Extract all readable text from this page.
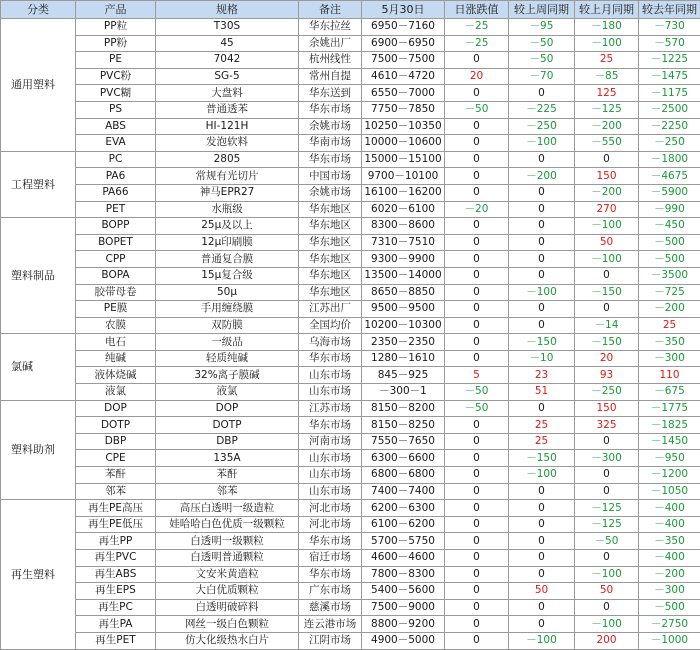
分类	产品	规格	备注	5月30日	日涨跌值	较上周同期	较上月同期	较去年同期
通用塑料	PP粒	T30S	华东拉丝	6950－7160	－25	－95	－180	－730
	PP粉	45	余姚出厂	6900－6950	－25	－50	－100	－570
	PE	7042	杭州线性	7500－7500	0	－50	25	－1225
	PVC粉	SG-5	常州自提	4610－4720	20	－70	－85	－1475
	PVC糊	大盘料	华东送到	6550－7000	0	0	125	－1175
	PS	普通透苯	华东市场	7750－7850	－50	－225	－125	－2500
	ABS	HI-121H	余姚市场	10250－10350	0	－250	－200	－2250
	EVA	发泡软料	华南市场	10000－10600	0	－100	－550	－250
工程塑料	PC	2805	华东市场	15000－15100	0	0	0	－1800
	PA6	常规有光切片	中国市场	9700－10100	0	－200	150	－4675
	PA66	神马EPR27	余姚市场	16100－16200	0	0	－200	－5900
	PET	水瓶级	华东地区	6020－6100	－20	0	270	－990
塑料制品	BOPP	25μ及以上	华东地区	8300－8600	0	0	－100	－450
	BOPET	12μ印刷膜	华东地区	7310－7510	0	0	50	－500
	CPP	普通复合膜	华东地区	9300－9900	0	0	－100	－500
	BOPA	15μ复合级	华东地区	13500－14000	0	0	0	－3500
	胶带母卷	50μ	华东地区	8650－8850	0	－100	－150	－725
	PE膜	手用缠绕膜	江苏出厂	9500－9500	0	0	0	－200
	农膜	双防膜	全国均价	10200－10300	0	0	－14	25
氯碱	电石	一级品	乌海市场	2350－2350	0	－150	－150	－350
	纯碱	轻质纯碱	华东市场	1280－1610	0	－10	20	－300
	液体烧碱	32%离子膜碱	山东市场	845－925	5	23	93	110
	液氯	液氯	山东市场	－300－1	－50	51	－250	－675
塑料助剂	DOP	DOP	江苏市场	8150－8200	－50	0	150	－1775
	DOTP	DOTP	华东市场	8150－8250	0	25	325	－1825
	DBP	DBP	河南市场	7550－7650	0	25	0	－1450
	CPE	135A	山东市场	6300－6600	0	－150	－300	－950
	苯酐	苯酐	山东市场	6800－6800	0	－100	0	－1200
	邻苯	邻苯	山东市场	7400－7400	0	0	0	－1050
再生塑料	再生PE高压	高压白透明一级造粒	河北市场	6200－6300	0	0	－125	－400
	再生PE低压	娃哈哈白色优质一级颗粒	河北市场	6100－6200	0	0	－125	－400
	再生PP	白透明一级颗粒	华东市场	5700－5750	0	0	－50	－350
	再生PVC	白透明普通颗粒	宿迁市场	4600－4600	0	0	0	－400
	再生ABS	文安米黄造粒	华东市场	7800－8300	0	0	－100	－200
	再生EPS	大白优质颗粒	广东市场	5400－5600	0	50	50	－300
	再生PC	白透明破碎料	慈溪市场	7500－9000	0	0	0	－500
	再生PA	网丝一级白色颗粒	连云港市场	8800－9200	0	0	－100	－2750
	再生PET	仿大化级热水白片	江阴市场	4900－5000	0	－100	200	－1000
